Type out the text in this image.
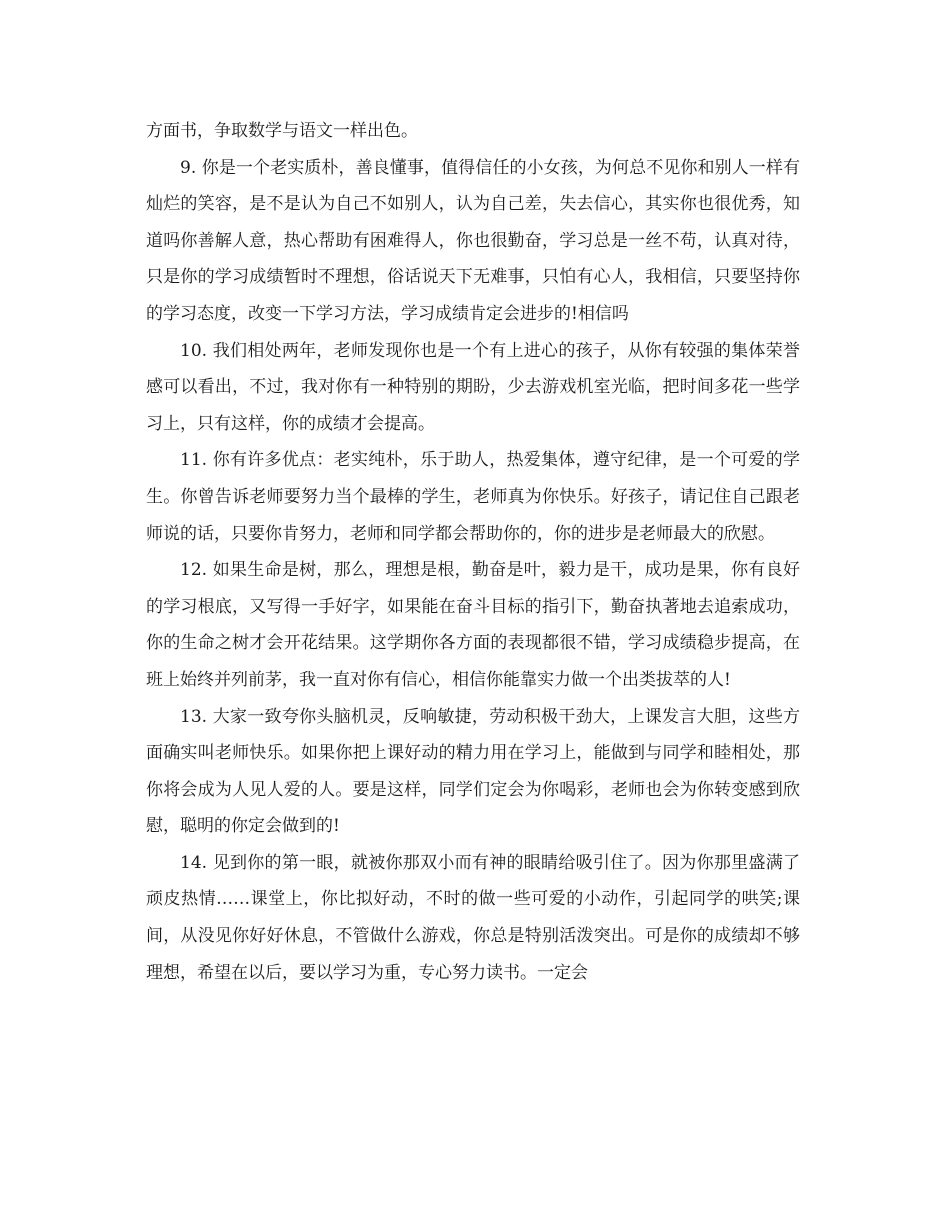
方面书，争取数学与语文一样出色。

9. 你是一个老实质朴，善良懂事，值得信任的小女孩，为何总不见你和别人一样有灿烂的笑容，是不是认为自己不如别人，认为自己差，失去信心，其实你也很优秀，知道吗你善解人意，热心帮助有困难得人，你也很勤奋，学习总是一丝不苟，认真对待，只是你的学习成绩暂时不理想，俗话说天下无难事，只怕有心人，我相信，只要坚持你的学习态度，改变一下学习方法，学习成绩肯定会进步的!相信吗

10. 我们相处两年，老师发现你也是一个有上进心的孩子，从你有较强的集体荣誉感可以看出，不过，我对你有一种特别的期盼，少去游戏机室光临，把时间多花一些学习上，只有这样，你的成绩才会提高。

11. 你有许多优点：老实纯朴，乐于助人，热爱集体，遵守纪律，是一个可爱的学生。你曾告诉老师要努力当个最棒的学生，老师真为你快乐。好孩子，请记住自己跟老师说的话，只要你肯努力，老师和同学都会帮助你的，你的进步是老师最大的欣慰。

12. 如果生命是树，那么，理想是根，勤奋是叶，毅力是干，成功是果，你有良好的学习根底，又写得一手好字，如果能在奋斗目标的指引下，勤奋执著地去追索成功，你的生命之树才会开花结果。这学期你各方面的表现都很不错，学习成绩稳步提高，在班上始终并列前茅，我一直对你有信心，相信你能靠实力做一个出类拔萃的人!

13. 大家一致夸你头脑机灵，反响敏捷，劳动积极干劲大，上课发言大胆，这些方面确实叫老师快乐。如果你把上课好动的精力用在学习上，能做到与同学和睦相处，那你将会成为人见人爱的人。要是这样，同学们定会为你喝彩，老师也会为你转变感到欣慰，聪明的你定会做到的!

14. 见到你的第一眼，就被你那双小而有神的眼睛给吸引住了。因为你那里盛满了顽皮热情……课堂上，你比拟好动，不时的做一些可爱的小动作，引起同学的哄笑;课间，从没见你好好休息，不管做什么游戏，你总是特别活泼突出。可是你的成绩却不够理想，希望在以后，要以学习为重，专心努力读书。一定会
